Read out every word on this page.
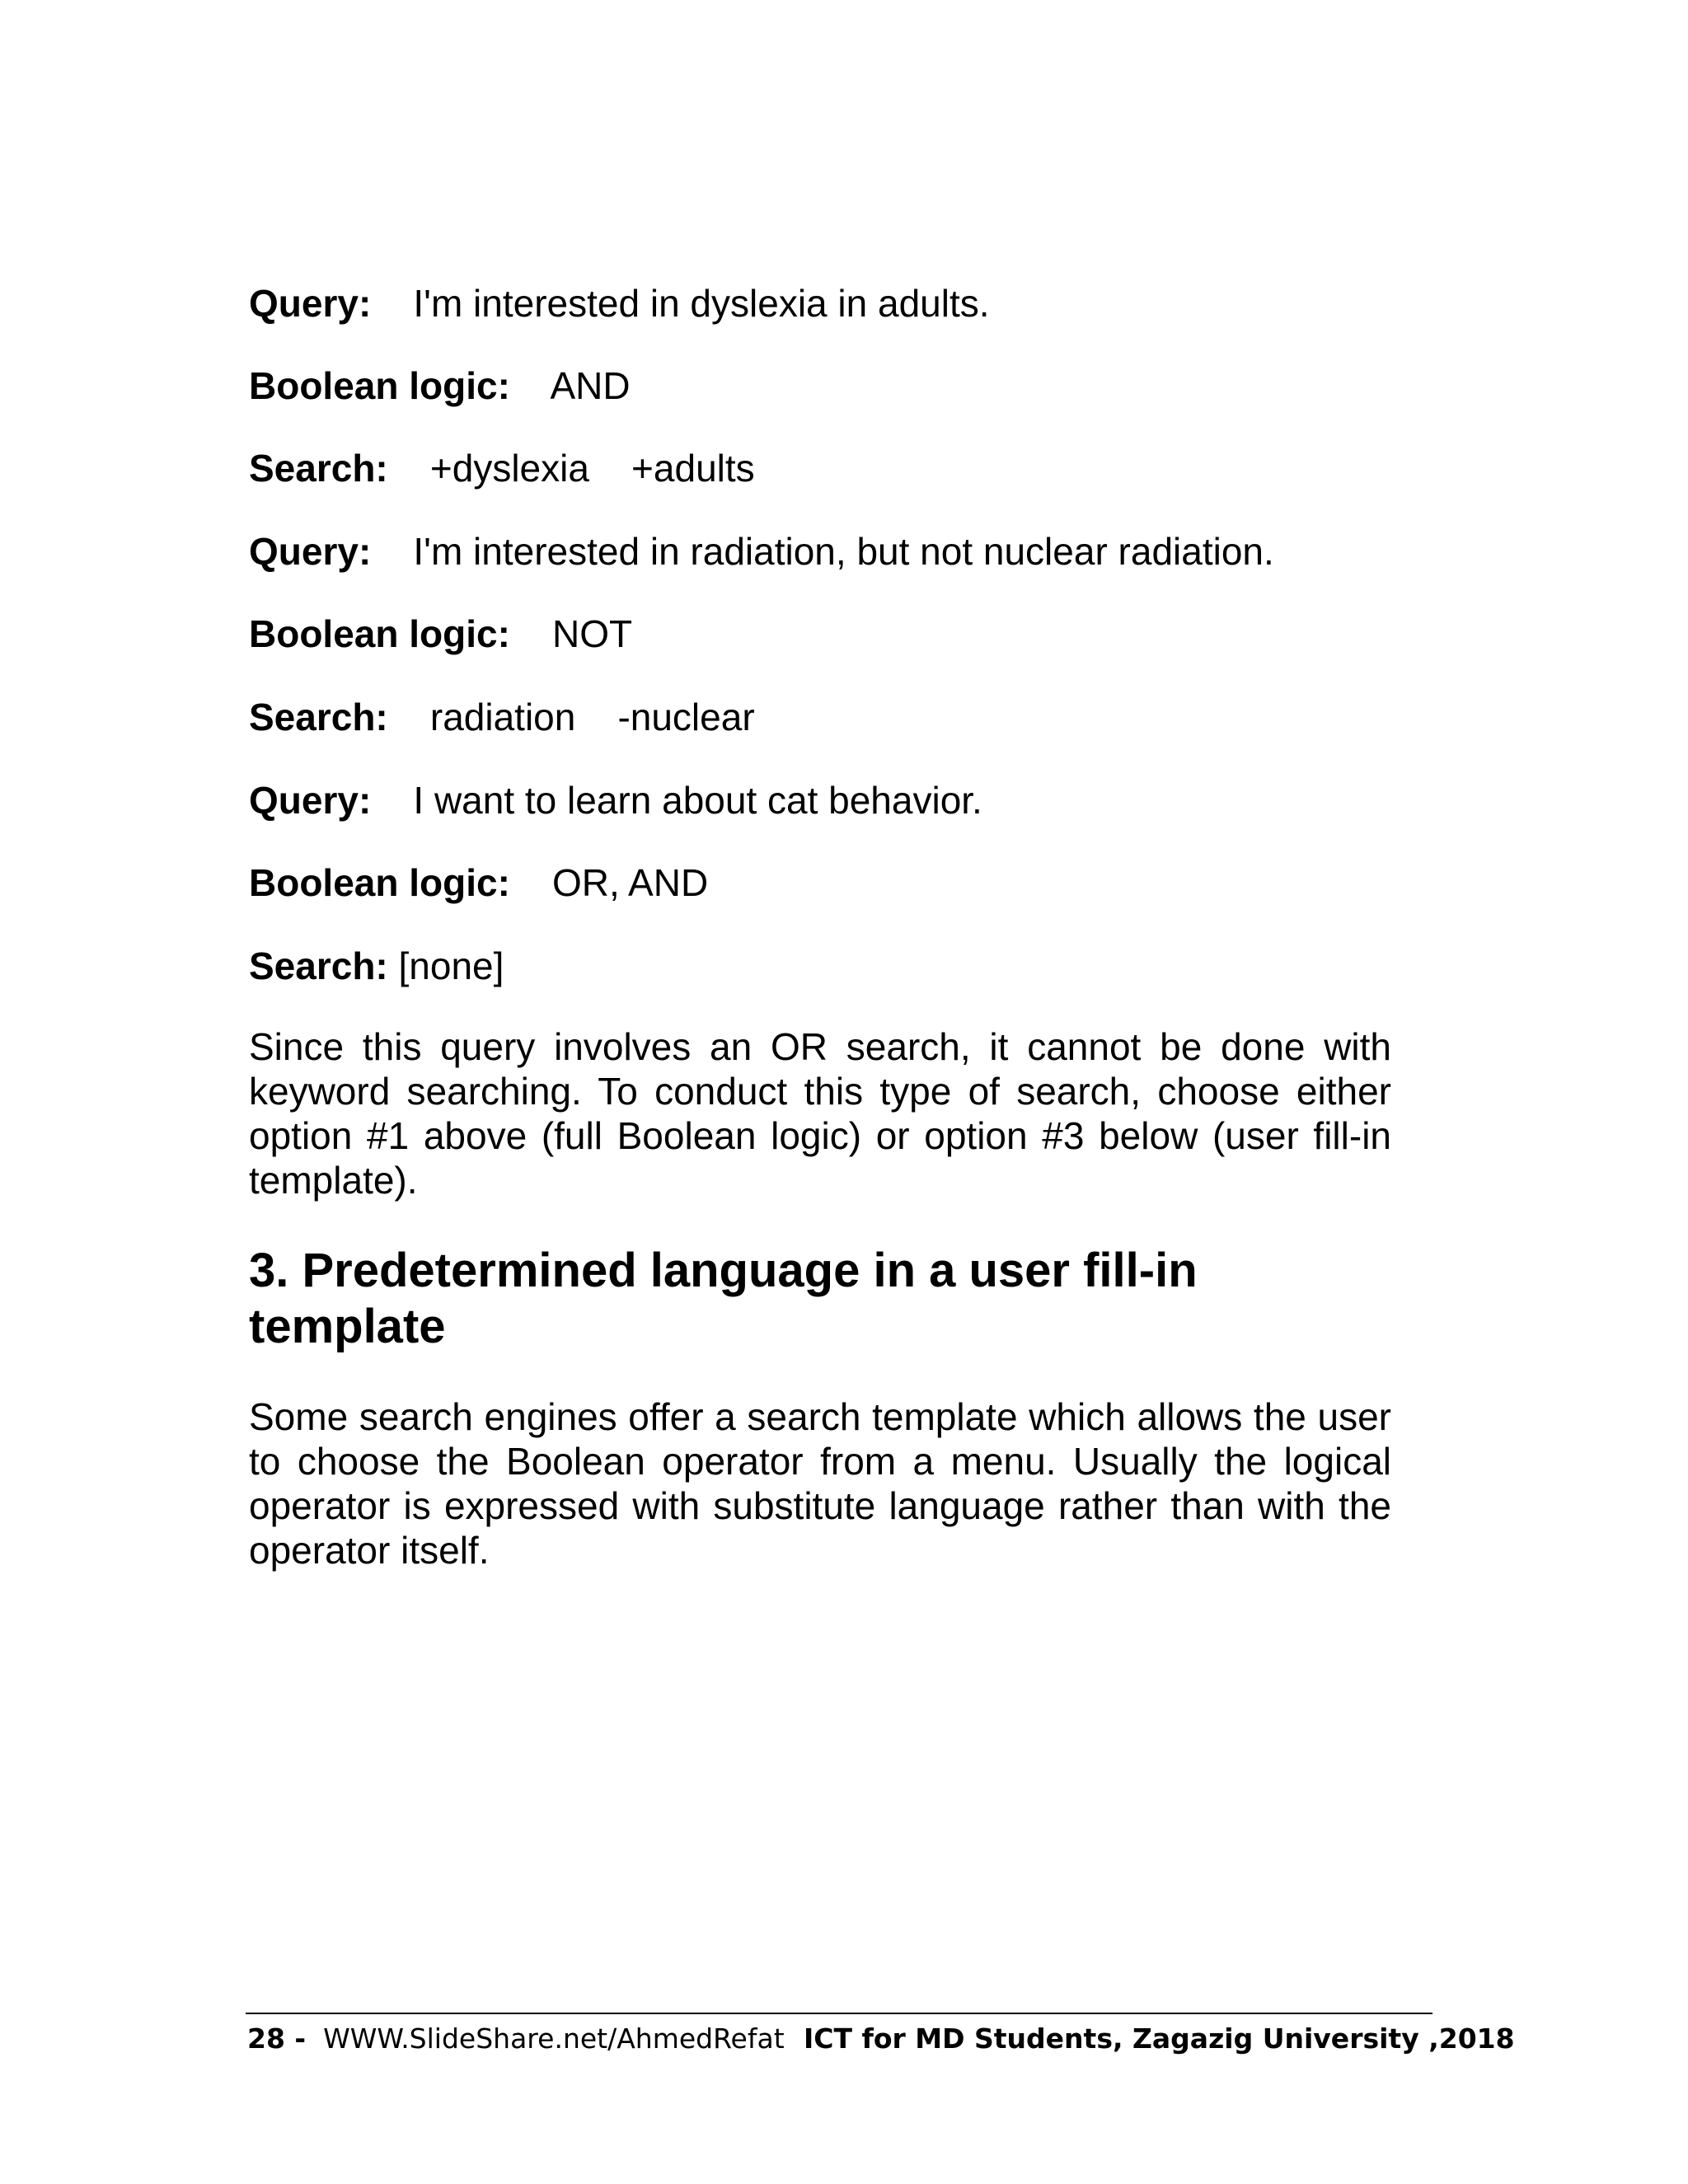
Query: I'm interested in dyslexia in adults.
Boolean logic: AND
Search: +dyslexia    +adults
Query: I'm interested in radiation, but not nuclear radiation.
Boolean logic: NOT
Search: radiation    -nuclear
Query: I want to learn about cat behavior.
Boolean logic: OR, AND
Search: [none]
Since this query involves an OR search, it cannot be done with keyword searching. To conduct this type of search, choose either option #1 above (full Boolean logic) or option #3 below (user fill-in template).
3. Predetermined language in a user fill-in template
Some search engines offer a search template which allows the user to choose the Boolean operator from a menu. Usually the logical operator is expressed with substitute language rather than with the operator itself.
28 - WWW.SlideShare.net/AhmedRefat ICT for MD Students, Zagazig University ,2018
